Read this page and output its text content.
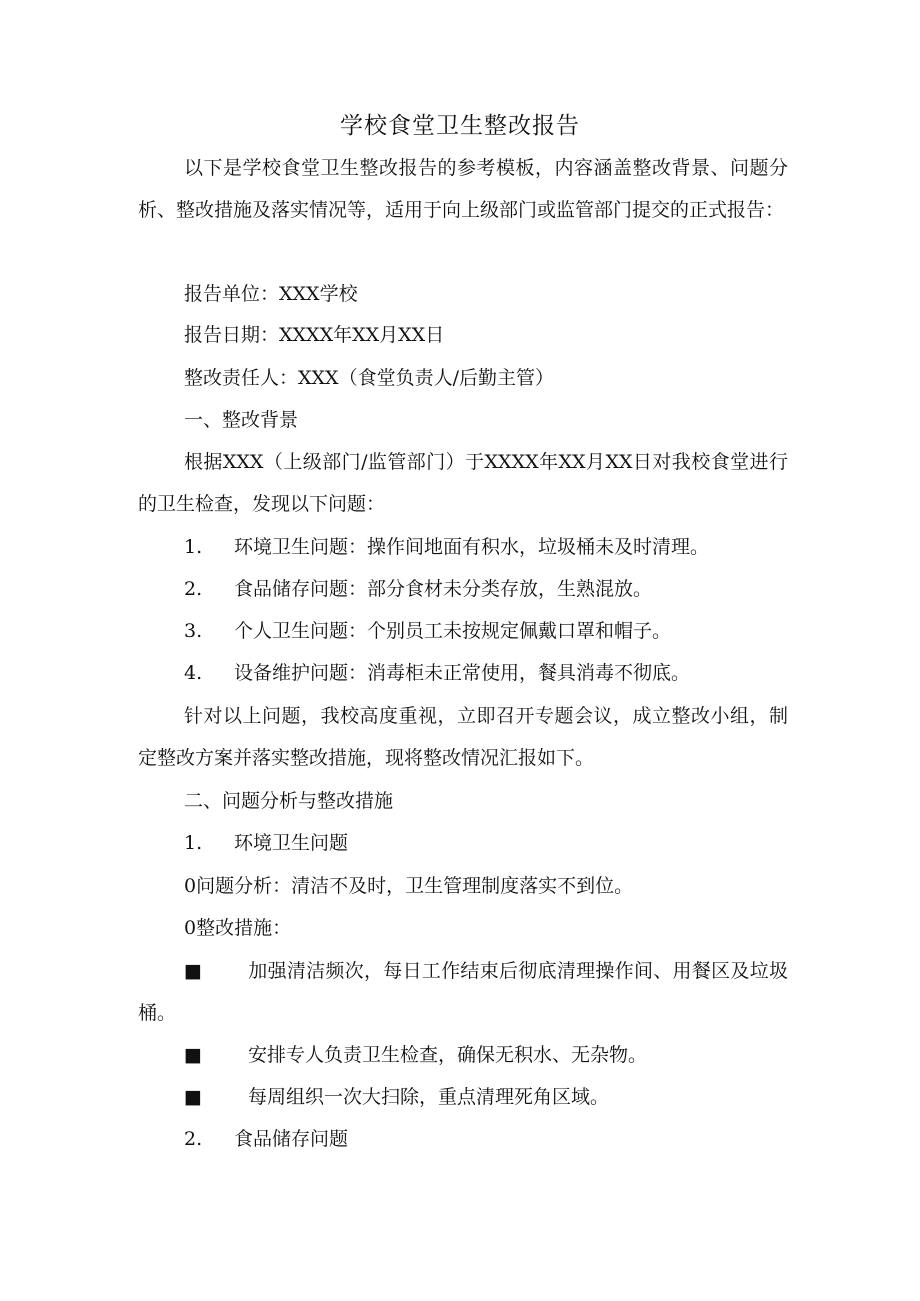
学校食堂卫生整改报告

以下是学校食堂卫生整改报告的参考模板，内容涵盖整改背景、问题分析、整改措施及落实情况等，适用于向上级部门或监管部门提交的正式报告：

报告单位：XXX学校

报告日期：XXXX年XX月XX日

整改责任人：XXX（食堂负责人/后勤主管）

一、整改背景

根据XXX（上级部门/监管部门）于XXXX年XX月XX日对我校食堂进行的卫生检查，发现以下问题：

1. 环境卫生问题：操作间地面有积水，垃圾桶未及时清理。

2. 食品储存问题：部分食材未分类存放，生熟混放。

3. 个人卫生问题：个别员工未按规定佩戴口罩和帽子。

4. 设备维护问题：消毒柜未正常使用，餐具消毒不彻底。

针对以上问题，我校高度重视，立即召开专题会议，成立整改小组，制定整改方案并落实整改措施，现将整改情况汇报如下。

二、问题分析与整改措施

1. 环境卫生问题

0问题分析：清洁不及时，卫生管理制度落实不到位。

0整改措施：

■ 加强清洁频次，每日工作结束后彻底清理操作间、用餐区及垃圾桶。

■ 安排专人负责卫生检查，确保无积水、无杂物。

■ 每周组织一次大扫除，重点清理死角区域。

2. 食品储存问题
